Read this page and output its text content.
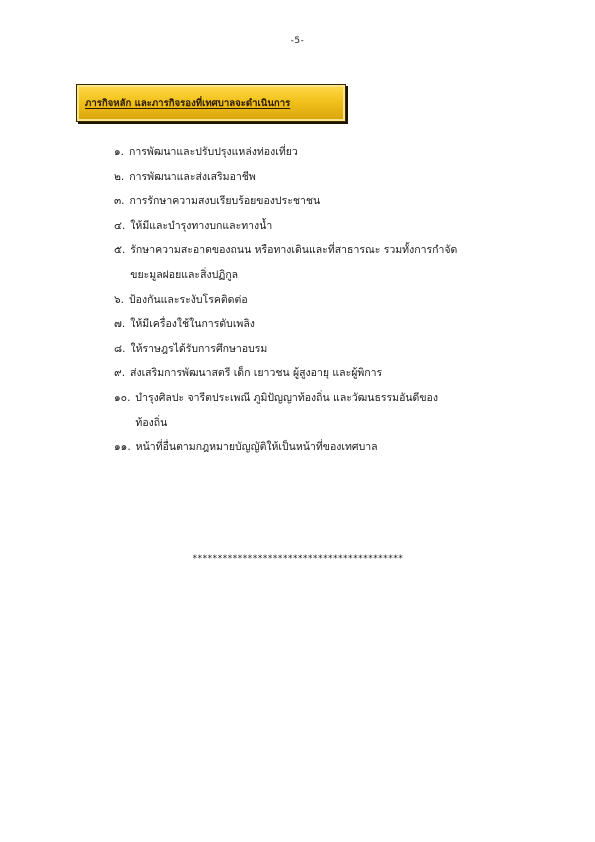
-5-
ภารกิจหลัก และภารกิจรองที่เทศบาลจะดำเนินการ
๑. การพัฒนาและปรับปรุงแหล่งท่องเที่ยว
๒. การพัฒนาและส่งเสริมอาชีพ
๓. การรักษาความสงบเรียบร้อยของประชาชน
๔. ให้มีและบำรุงทางบกและทางน้ำ
๕. รักษาความสะอาดของถนน หรือทางเดินและที่สาธารณะ รวมทั้งการกำจัด
ขยะมูลฝอยและสิ่งปฏิกูล
๖. ป้องกันและระงับโรคติดต่อ
๗. ให้มีเครื่องใช้ในการดับเพลิง
๘. ให้ราษฎรได้รับการศึกษาอบรม
๙. ส่งเสริมการพัฒนาสตรี เด็ก เยาวชน ผู้สูงอายุ และผู้พิการ
๑๐. บำรุงศิลปะ จารีตประเพณี ภูมิปัญญาท้องถิ่น และวัฒนธรรมอันดีของ
ท้องถิ่น
๑๑. หน้าที่อื่นตามกฎหมายบัญญัติให้เป็นหน้าที่ของเทศบาล
******************************************
